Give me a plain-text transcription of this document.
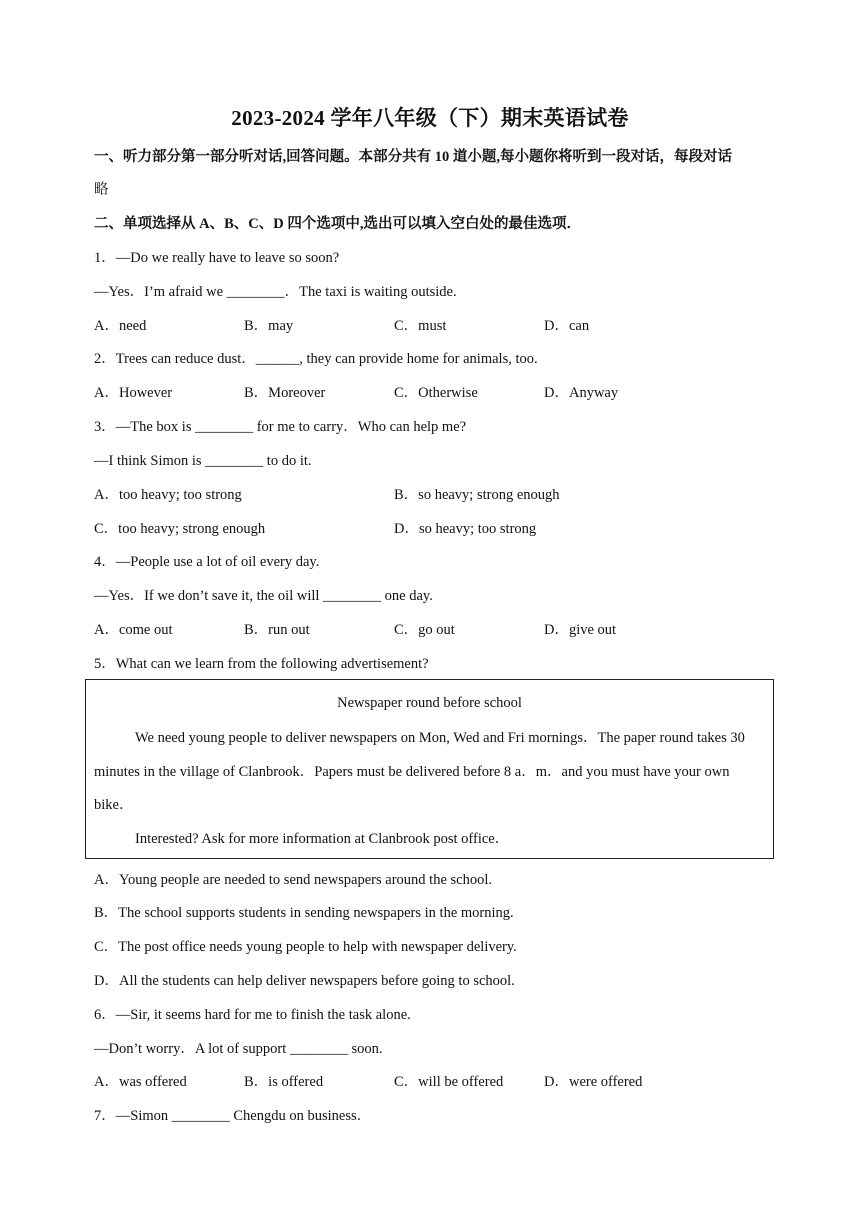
2023-2024 学年八年级（下）期末英语试卷
一、听力部分第一部分听对话,回答问题。本部分共有 10 道小题,每小题你将听到一段对话，每段对话
略
二、单项选择从 A、B、C、D 四个选项中,选出可以填入空白处的最佳选项．
1．—Do we really have to leave so soon?
—Yes．I’m afraid we ________．The taxi is waiting outside.
A．need	B．may	C．must	D．can
2．Trees can reduce dust．______, they can provide home for animals, too.
A．However	B．Moreover	C．Otherwise	D．Anyway
3．—The box is ________ for me to carry．Who can help me?
—I think Simon is ________ to do it.
A．too heavy; too strong	B．so heavy; strong enough
C．too heavy; strong enough	D．so heavy; too strong
4．—People use a lot of oil every day.
—Yes．If we don’t save it, the oil will ________ one day.
A．come out	B．run out	C．go out	D．give out
5．What can we learn from the following advertisement?
Newspaper round before school
We need young people to deliver newspapers on Mon, Wed and Fri mornings．The paper round takes 30
minutes in the village of Clanbrook．Papers must be delivered before 8 a．m．and you must have your own
bike．
Interested? Ask for more information at Clanbrook post office．
A．Young people are needed to send newspapers around the school.
B．The school supports students in sending newspapers in the morning.
C．The post office needs young people to help with newspaper delivery.
D．All the students can help deliver newspapers before going to school.
6．—Sir, it seems hard for me to finish the task alone.
—Don’t worry．A lot of support ________ soon.
A．was offered	B．is offered	C．will be offered	D．were offered
7．—Simon ________ Chengdu on business．
